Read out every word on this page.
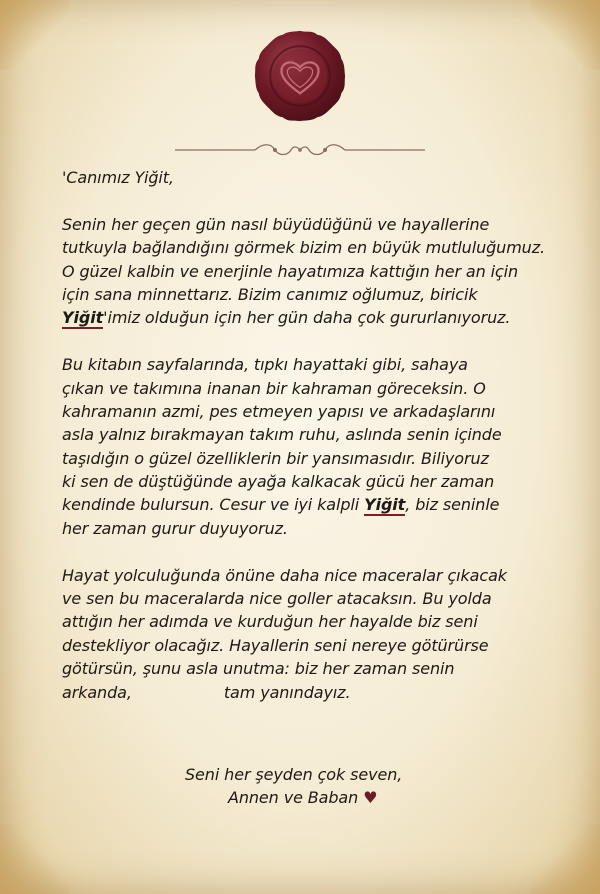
'Canımız Yiğit,
Senin her geçen gün nasıl büyüdüğünü ve hayallerine
tutkuyla bağlandığını görmek bizim en büyük mutluluğumuz.
O güzel kalbin ve enerjinle hayatımıza kattığın her an için
için sana minnettarız. Bizim canımız oğlumuz, biricik
Yiğit'imiz olduğun için her gün daha çok gururlanıyoruz.
Bu kitabın sayfalarında, tıpkı hayattaki gibi, sahaya
çıkan ve takımına inanan bir kahraman göreceksin. O
kahramanın azmi, pes etmeyen yapısı ve arkadaşlarını
asla yalnız bırakmayan takım ruhu, aslında senin içinde
taşıdığın o güzel özelliklerin bir yansımasıdır. Biliyoruz
ki sen de düştüğünde ayağa kalkacak gücü her zaman
kendinde bulursun. Cesur ve iyi kalpli Yiğit, biz seninle
her zaman gurur duyuyoruz.
Hayat yolculuğunda önüne daha nice maceralar çıkacak
ve sen bu maceralarda nice goller atacaksın. Bu yolda
attığın her adımda ve kurduğun her hayalde biz seni
destekliyor olacağız. Hayallerin seni nereye götürürse
götürsün, şunu asla unutma: biz her zaman senin
arkanda,	tam yanındayız.
Seni her şeyden çok seven,
Annen ve Baban ♥
